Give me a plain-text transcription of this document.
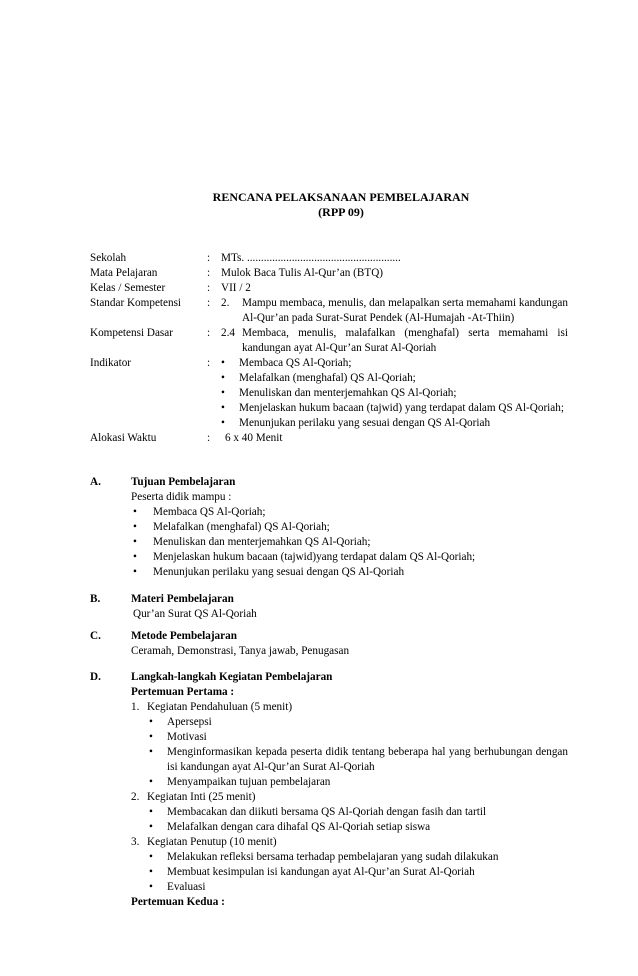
RENCANA PELAKSANAAN PEMBELAJARAN
(RPP 09)
Sekolah	: MTs. .......................................................
Mata Pelajaran	: Mulok Baca Tulis Al-Qur’an (BTQ)
Kelas / Semester	: VII / 2
Standar Kompetensi	: 2.	Mampu membaca, menulis, dan melapalkan serta memahami kandungan Al-Qur’an pada Surat-Surat Pendek (Al-Humajah -At-Thiin)
Kompetensi Dasar	: 2.4 Membaca, menulis, malafalkan (menghafal) serta memahami isi kandungan ayat Al-Qur’an Surat Al-Qoriah
Indikator	: •	Membaca QS Al-Qoriah;
•	Melafalkan (menghafal) QS Al-Qoriah;
•	Menuliskan dan menterjemahkan QS Al-Qoriah;
•	Menjelaskan hukum bacaan (tajwid) yang terdapat dalam QS Al-Qoriah;
•	Menunjukan perilaku yang sesuai dengan QS Al-Qoriah
Alokasi Waktu	:	6 x 40 Menit
A.	Tujuan Pembelajaran
Peserta didik mampu :
•	Membaca QS Al-Qoriah;
•	Melafalkan (menghafal) QS Al-Qoriah;
•	Menuliskan dan menterjemahkan QS Al-Qoriah;
•	Menjelaskan hukum bacaan (tajwid)yang terdapat dalam QS Al-Qoriah;
•	Menunjukan perilaku yang sesuai dengan QS Al-Qoriah
B.	Materi Pembelajaran
Qur’an Surat QS Al-Qoriah
C.	Metode Pembelajaran
Ceramah, Demonstrasi, Tanya jawab, Penugasan
D.	Langkah-langkah Kegiatan Pembelajaran
Pertemuan Pertama :
1. Kegiatan Pendahuluan (5 menit)
•	Apersepsi
•	Motivasi
•	Menginformasikan kepada peserta didik tentang beberapa hal yang berhubungan dengan isi kandungan ayat Al-Qur’an Surat Al-Qoriah
•	Menyampaikan tujuan pembelajaran
2. Kegiatan Inti (25 menit)
•	Membacakan dan diikuti bersama QS Al-Qoriah dengan fasih dan tartil
•	Melafalkan dengan cara dihafal QS Al-Qoriah setiap siswa
3. Kegiatan Penutup (10 menit)
•	Melakukan refleksi bersama terhadap pembelajaran yang sudah dilakukan
•	Membuat kesimpulan isi kandungan ayat Al-Qur’an Surat Al-Qoriah
•	Evaluasi
Pertemuan Kedua :
